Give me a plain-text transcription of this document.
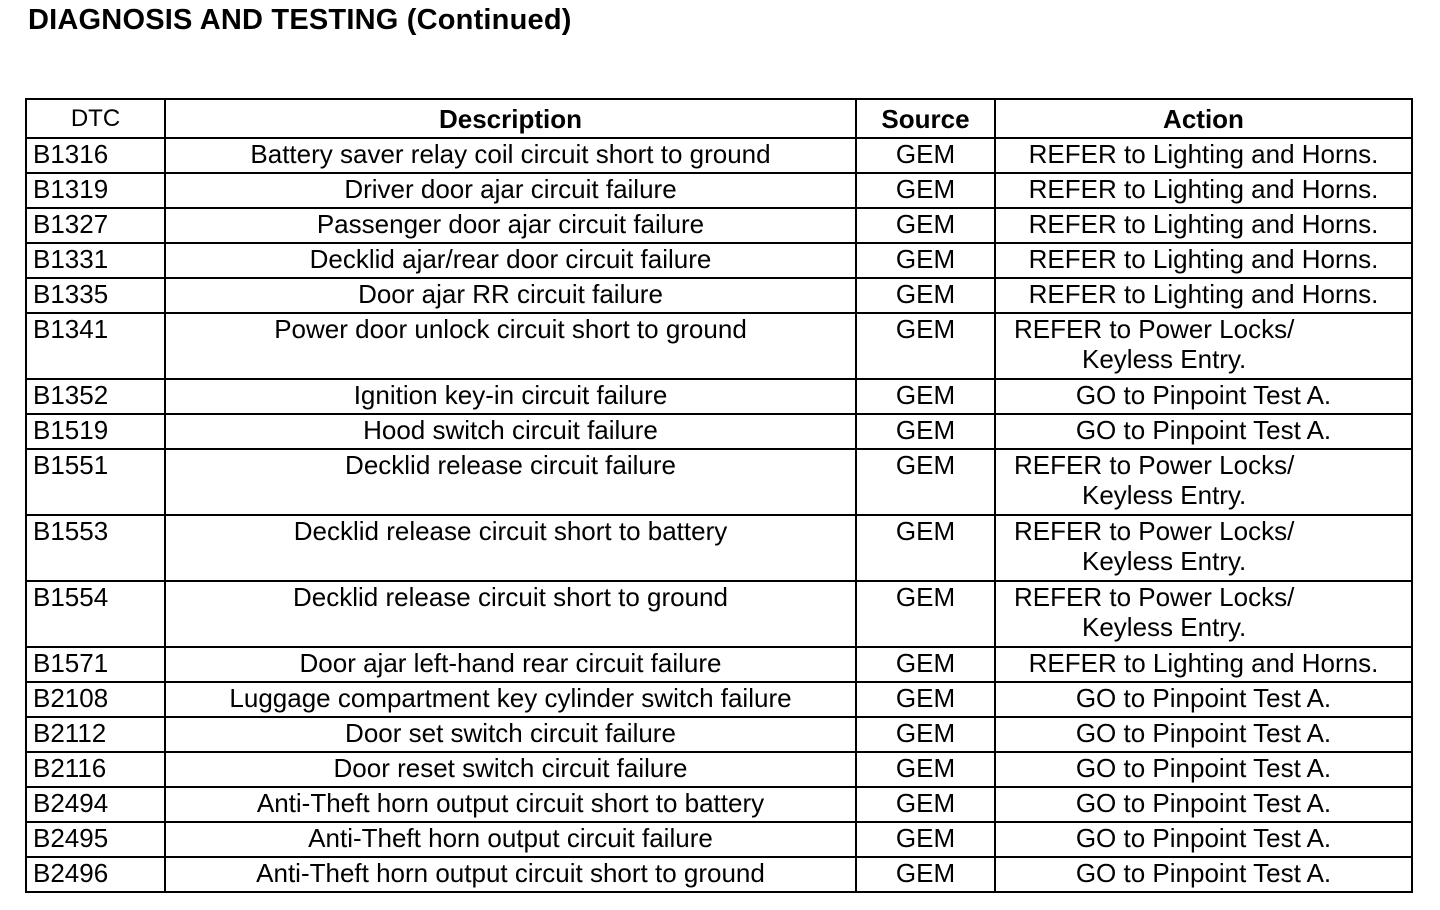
DIAGNOSIS AND TESTING (Continued)
DTC	Description	Source	Action
B1316	Battery saver relay coil circuit short to ground	GEM	REFER to Lighting and Horns.

B1319	Driver door ajar circuit failure	GEM	REFER to Lighting and Horns.

B1327	Passenger door ajar circuit failure	GEM	REFER to Lighting and Horns.

B1331	Decklid ajar/rear door circuit failure	GEM	REFER to Lighting and Horns.

B1335	Door ajar RR circuit failure	GEM	REFER to Lighting and Horns.

B1341	Power door unlock circuit short to ground	GEM	REFER to Power Locks/
Keyless Entry.

B1352	Ignition key-in circuit failure	GEM	GO to Pinpoint Test A.

B1519	Hood switch circuit failure	GEM	GO to Pinpoint Test A.

B1551	Decklid release circuit failure	GEM	REFER to Power Locks/
Keyless Entry.

B1553	Decklid release circuit short to battery	GEM	REFER to Power Locks/
Keyless Entry.

B1554	Decklid release circuit short to ground	GEM	REFER to Power Locks/
Keyless Entry.

B1571	Door ajar left-hand rear circuit failure	GEM	REFER to Lighting and Horns.

B2108	Luggage compartment key cylinder switch failure	GEM	GO to Pinpoint Test A.

B2112	Door set switch circuit failure	GEM	GO to Pinpoint Test A.

B2116	Door reset switch circuit failure	GEM	GO to Pinpoint Test A.

B2494	Anti-Theft horn output circuit short to battery	GEM	GO to Pinpoint Test A.

B2495	Anti-Theft horn output circuit failure	GEM	GO to Pinpoint Test A.

B2496	Anti-Theft horn output circuit short to ground	GEM	GO to Pinpoint Test A.
